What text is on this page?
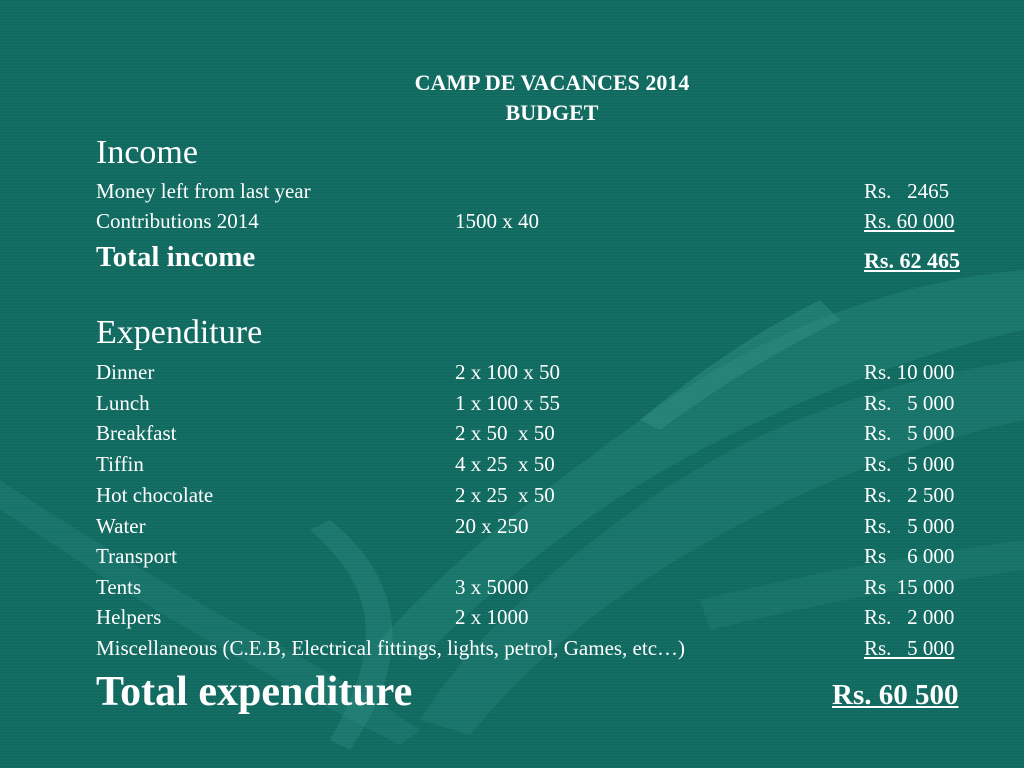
CAMP DE VACANCES 2014
BUDGET
Income
Money left from last year	Rs.   2465
Contributions 2014	1500 x 40	Rs. 60 000
Total income	Rs. 62 465
Expenditure
Dinner	2 x 100 x 50	Rs. 10 000
Lunch	1 x 100 x 55	Rs.   5 000
Breakfast	2 x 50  x 50	Rs.   5 000
Tiffin	4 x 25  x 50	Rs.   5 000
Hot chocolate	2 x 25  x 50	Rs.   2 500
Water	20 x 250	Rs.   5 000
Transport	Rs    6 000
Tents	3 x 5000	Rs  15 000
Helpers	2 x 1000	Rs.   2 000
Miscellaneous (C.E.B, Electrical fittings, lights, petrol, Games, etc…)	Rs.   5 000
Total expenditure	Rs. 60 500
